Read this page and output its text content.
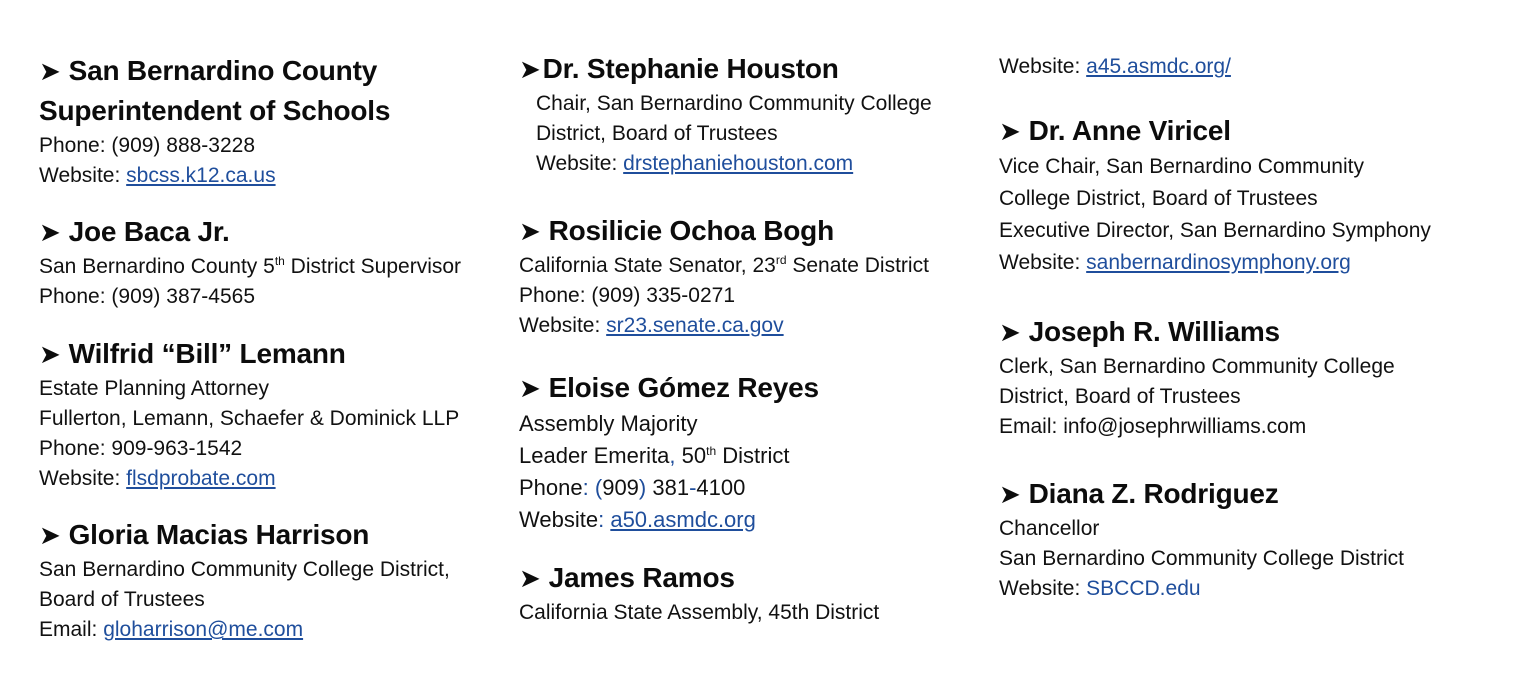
➤ San Bernardino County
Superintendent of Schools
Phone: (909) 888-3228
Website: sbcss.k12.ca.us
➤ Joe Baca Jr.
San Bernardino County 5th District Supervisor
Phone: (909) 387-4565
➤ Wilfrid “Bill” Lemann
Estate Planning Attorney
Fullerton, Lemann, Schaefer & Dominick LLP
Phone: 909-963-1542
Website: flsdprobate.com
➤ Gloria Macias Harrison
San Bernardino Community College District,
Board of Trustees
Email: gloharrison@me.com
➤Dr. Stephanie Houston
Chair, San Bernardino Community College
District, Board of Trustees
Website: drstephaniehouston.com
➤ Rosilicie Ochoa Bogh
California State Senator, 23rd Senate District
Phone: (909) 335-0271
Website: sr23.senate.ca.gov
➤ Eloise Gómez Reyes
Assembly Majority
Leader Emerita, 50th District
Phone: (909) 381-4100
Website: a50.asmdc.org
➤ James Ramos
California State Assembly, 45th District
Website: a45.asmdc.org/
➤ Dr. Anne Viricel
Vice Chair, San Bernardino Community
College District, Board of Trustees
Executive Director, San Bernardino Symphony
Website: sanbernardinosymphony.org
➤ Joseph R. Williams
Clerk, San Bernardino Community College
District, Board of Trustees
Email: info@josephrwilliams.com
➤ Diana Z. Rodriguez
Chancellor
San Bernardino Community College District
Website: SBCCD.edu
